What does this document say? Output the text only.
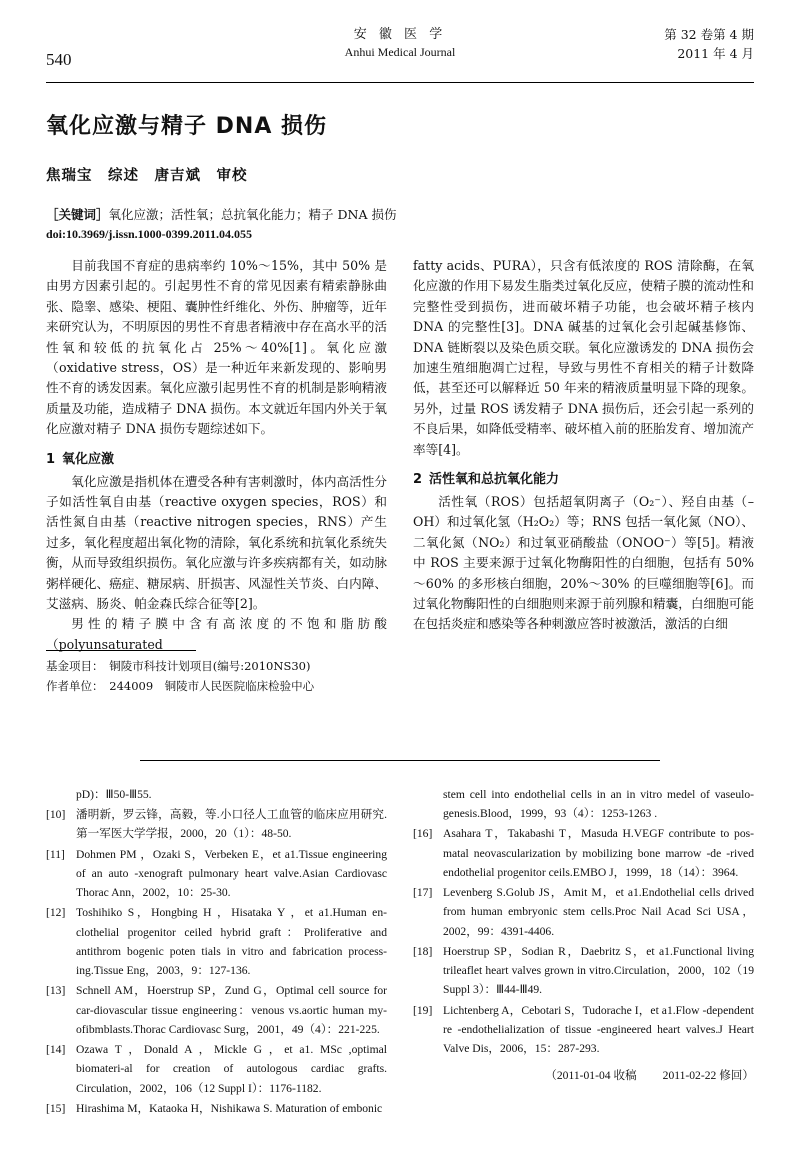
安 徽 医 学
Anhui Medical Journal
540
第 32 卷第 4 期
2011 年 4 月
氧化应激与精子 DNA 损伤
焦瑞宝　综述　唐吉斌　审校
［关键词］氧化应激；活性氧；总抗氧化能力；精子 DNA 损伤
doi:10.3969/j.issn.1000-0399.2011.04.055

目前我国不育症的患病率约 10%～15%，其中 50% 是由男方因素引起的。引起男性不育的常见因素有精索静脉曲张、隐睾、感染、梗阻、囊肿性纤维化、外伤、肿瘤等，近年来研究认为，不明原因的男性不育患者精液中存在高水平的活性氧和较低的抗氧化占 25%～40%[1]。氧化应激（oxidative stress，OS）是一种近年来新发现的、影响男性不育的诱发因素。氧化应激引起男性不育的机制是影响精液质量及功能，造成精子 DNA 损伤。本文就近年国内外关于氧化应激对精子 DNA 损伤专题综述如下。

1 氧化应激

氧化应激是指机体在遭受各种有害刺激时，体内高活性分子如活性氧自由基（reactive oxygen species，ROS）和活性氮自由基（reactive nitrogen species，RNS）产生过多，氧化程度超出氧化物的清除，氧化系统和抗氧化系统失衡，从而导致组织损伤。氧化应激与许多疾病都有关，如动脉粥样硬化、癌症、糖尿病、肝损害、风湿性关节炎、白内障、艾滋病、肠炎、帕金森氏综合征等[2]。

男性的精子膜中含有高浓度的不饱和脂肪酸（polyunsaturated

fatty acids、PURA），只含有低浓度的 ROS 清除酶，在氧化应激的作用下易发生脂类过氧化反应，使精子膜的流动性和完整性受到损伤，进而破坏精子功能，也会破坏精子核内 DNA 的完整性[3]。DNA 碱基的过氧化会引起碱基修饰、DNA 链断裂以及染色质交联。氧化应激诱发的 DNA 损伤会加速生殖细胞凋亡过程，导致与男性不育相关的精子计数降低，甚至还可以解释近 50 年来的精液质量明显下降的现象。另外，过量 ROS 诱发精子 DNA 损伤后，还会引起一系列的不良后果，如降低受精率、破坏植入前的胚胎发育、增加流产率等[4]。

2 活性氧和总抗氧化能力

活性氧（ROS）包括超氧阴离子（O₂⁻）、羟自由基（–OH）和过氧化氢（H₂O₂）等；RNS 包括一氧化氮（NO）、二氧化氮（NO₂）和过氧亚硝酸盐（ONOO⁻）等[5]。精液中 ROS 主要来源于过氧化物酶阳性的白细胞，包括有 50%～60% 的多形核白细胞，20%～30% 的巨噬细胞等[6]。而过氧化物酶阳性的白细胞则来源于前列腺和精囊，白细胞可能在包括炎症和感染等各种刺激应答时被激活，激活的白细

基金项目：　铜陵市科技计划项目(编号:2010NS30)
作者单位：　244009　铜陵市人民医院临床检验中心
pD)：Ⅲ50-Ⅲ55.
[10] 潘明新，罗云锋，高毅，等.小口径人工血管的临床应用研究.第一军医大学学报，2000，20（1）：48-50.
[11] Dohmen PM ，Ozaki S，Verbeken E，et a1.Tissue engineering of an auto -xenograft pulmonary heart valve.Asian Cardiovasc Thorac Ann，2002，10：25-30.
[12] Toshihiko S，Hongbing H ，Hisataka Y ，et a1.Human en-clothelial progenitor ceiled hybrid graft：Proliferative and antithrom bogenic poten tials in vitro and fabrication process-ing.Tissue Eng，2003，9：127-136.
[13] Schnell AM，Hoerstrup SP，Zund G，Optimal cell source for car-diovascular tissue engineering：venous vs.aortic human my-ofibmblasts.Thorac Cardiovasc Surg，2001，49（4）：221-225.
[14] Ozawa T ，Donald A ，Mickle G ，et a1. MSc ,optimal biomateri-al for creation of autologous cardiac grafts. Circulation，2002，106（12 Suppl I）：1176-1182.
[15] Hirashima M，Kataoka H，Nishikawa S. Maturation of embonic
stem cell into endothelial cells in an in vitro medel of vaseulo-genesis.Blood，1999，93（4）：1253-1263 .
[16] Asahara T，Takabashi T，Masuda H.VEGF contribute to pos-matal neovascularization by mobilizing bone marrow -de -rived endothelial progenitor ceils.EMBO J，1999，18（14）：3964.
[17] Levenberg S.Golub JS，Amit M，et a1.Endothelial cells drived from human embryonic stem cells.Proc Nail Acad Sci USA，2002，99：4391-4406.
[18] Hoerstrup SP，Sodian R，Daebritz S，et a1.Functional living trileaflet heart valves grown in vitro.Circulation，2000，102（19 Suppl 3）：Ⅲ44-Ⅲ49.
[19] Lichtenberg A，Cebotari S，Tudorache I，et a1.Flow -dependent re -endothelialization of tissue -engineered heart valves.J Heart Valve Dis，2006，15：287-293.
（2011-01-04 收稿 2011-02-22 修回）
